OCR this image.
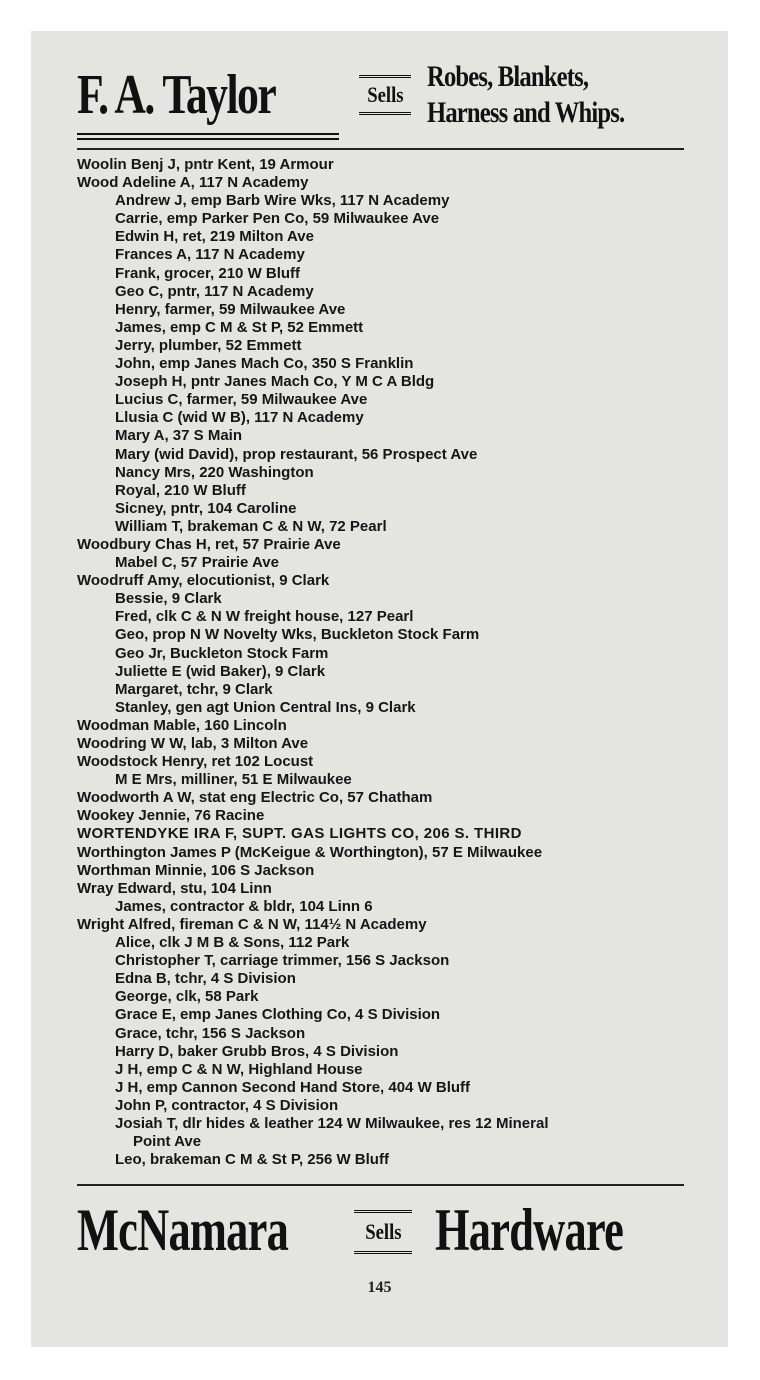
F. A. Taylor	Sells
Robes, Blankets,
Harness and Whips.
Woolin Benj J, pntr Kent, 19 Armour
Wood Adeline A, 117 N Academy
Andrew J, emp Barb Wire Wks, 117 N Academy
Carrie, emp Parker Pen Co, 59 Milwaukee Ave
Edwin H, ret, 219 Milton Ave
Frances A, 117 N Academy
Frank, grocer, 210 W Bluff
Geo C, pntr, 117 N Academy
Henry, farmer, 59 Milwaukee Ave
James, emp C M & St P, 52 Emmett
Jerry, plumber, 52 Emmett
John, emp Janes Mach Co, 350 S Franklin
Joseph H, pntr Janes Mach Co, Y M C A Bldg
Lucius C, farmer, 59 Milwaukee Ave
Llusia C (wid W B), 117 N Academy
Mary A, 37 S Main
Mary (wid David), prop restaurant, 56 Prospect Ave
Nancy Mrs, 220 Washington
Royal, 210 W Bluff
Sicney, pntr, 104 Caroline
William T, brakeman C & N W, 72 Pearl
Woodbury Chas H, ret, 57 Prairie Ave
Mabel C, 57 Prairie Ave
Woodruff Amy, elocutionist, 9 Clark
Bessie, 9 Clark
Fred, clk C & N W freight house, 127 Pearl
Geo, prop N W Novelty Wks, Buckleton Stock Farm
Geo Jr, Buckleton Stock Farm
Juliette E (wid Baker), 9 Clark
Margaret, tchr, 9 Clark
Stanley, gen agt Union Central Ins, 9 Clark
Woodman Mable, 160 Lincoln
Woodring W W, lab, 3 Milton Ave
Woodstock Henry, ret 102 Locust
M E Mrs, milliner, 51 E Milwaukee
Woodworth A W, stat eng Electric Co, 57 Chatham
Wookey Jennie, 76 Racine
WORTENDYKE IRA F, SUPT. GAS LIGHTS CO, 206 S. THIRD
Worthington James P (McKeigue & Worthington), 57 E Milwaukee
Worthman Minnie, 106 S Jackson
Wray Edward, stu, 104 Linn
James, contractor & bldr, 104 Linn 6
Wright Alfred, fireman C & N W, 114½ N Academy
Alice, clk J M B & Sons, 112 Park
Christopher T, carriage trimmer, 156 S Jackson
Edna B, tchr, 4 S Division
George, clk, 58 Park
Grace E, emp Janes Clothing Co, 4 S Division
Grace, tchr, 156 S Jackson
Harry D, baker Grubb Bros, 4 S Division
J H, emp C & N W, Highland House
J H, emp Cannon Second Hand Store, 404 W Bluff
John P, contractor, 4 S Division
Josiah T, dlr hides & leather 124 W Milwaukee, res 12 Mineral
Point Ave
Leo, brakeman C M & St P, 256 W Bluff
McNamara	Sells Hardware
145
